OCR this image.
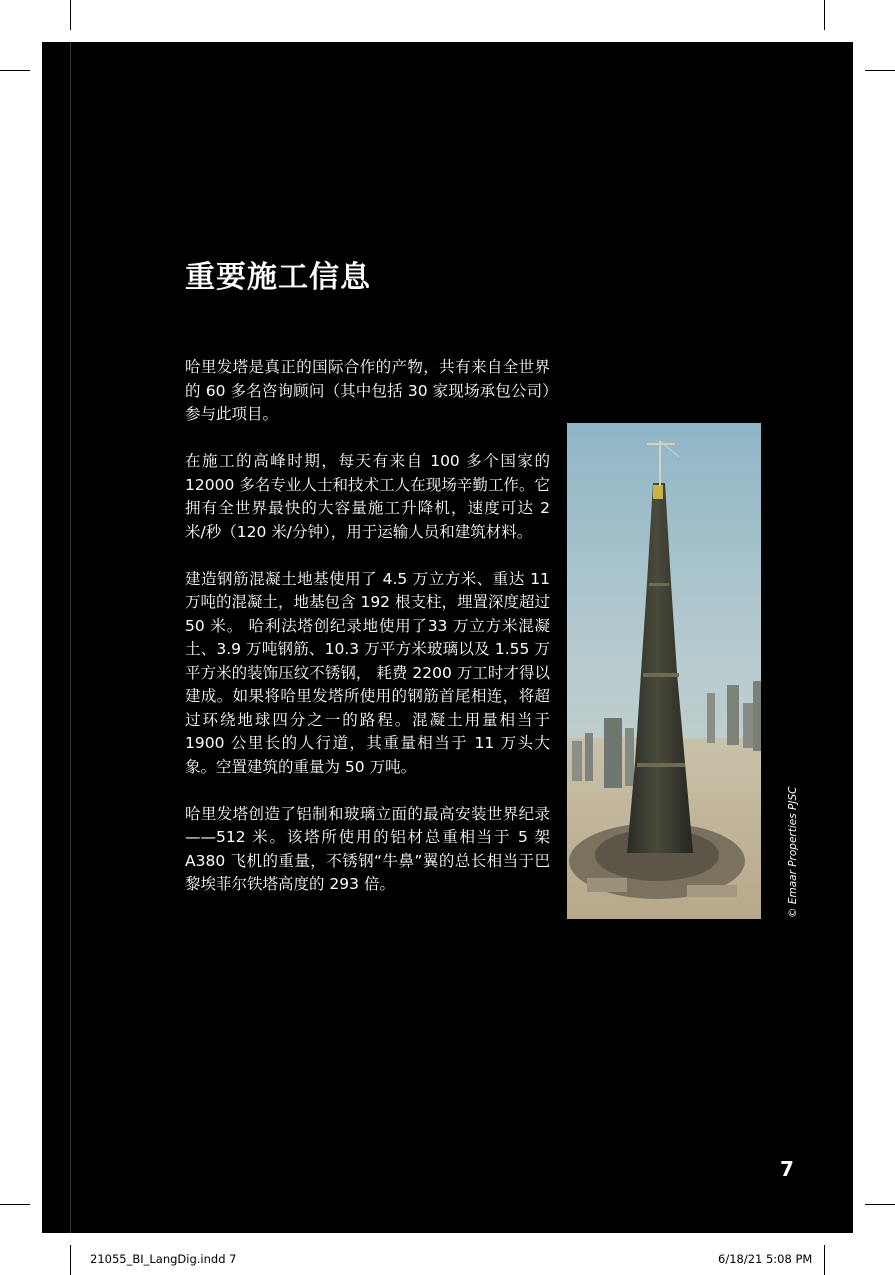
重要施工信息

哈里发塔是真正的国际合作的产物，共有来自全世界的 60 多名咨询顾问（其中包括 30 家现场承包公司）参与此项目。

在施工的高峰时期，每天有来自 100 多个国家的 12000 多名专业人士和技术工人在现场辛勤工作。它拥有全世界最快的大容量施工升降机，速度可达 2 米/秒（120 米/分钟），用于运输人员和建筑材料。

建造钢筋混凝土地基使用了 4.5 万立方米、重达 11 万吨的混凝土，地基包含 192 根支柱，埋置深度超过 50 米。 哈利法塔创纪录地使用了33 万立方米混凝土、3.9 万吨钢筋、10.3 万平方米玻璃以及 1.55 万平方米的装饰压纹不锈钢， 耗费 2200 万工时才得以建成。如果将哈里发塔所使用的钢筋首尾相连，将超过环绕地球四分之一的路程。混凝土用量相当于 1900 公里长的人行道，其重量相当于 11 万头大象。空置建筑的重量为 50 万吨。

哈里发塔创造了铝制和玻璃立面的最高安装世界纪录——512 米。该塔所使用的铝材总重相当于 5 架 A380 飞机的重量，不锈钢“牛鼻”翼的总长相当于巴黎埃菲尔铁塔高度的 293 倍。	© Emaar Properties PJSC
7
21055_BI_LangDig.indd 7	6/18/21 5:08 PM
